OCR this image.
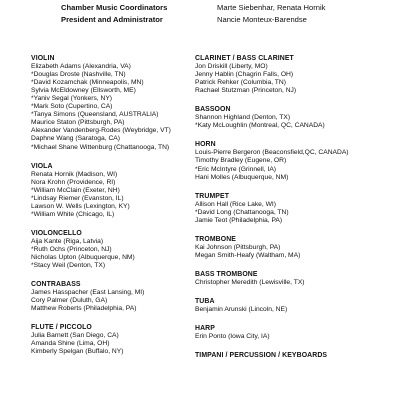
Chamber Music Coordinators	Marte Siebenhar, Renata Hornik
President and Administrator	Nancie Monteux-Barendse
VIOLIN
Elizabeth Adams (Alexandria, VA)
*Douglas Droste (Nashville, TN)
*David Kozamchak (Minneapolis, MN)
Sylvia McEldowney (Ellsworth, ME)
*Yaniv Segal (Yonkers, NY)
*Mark Soto (Cupertino, CA)
*Tanya Simons (Queensland, AUSTRALIA)
Maurice Staton (Pittsburgh, PA)
Alexander Vandenberg-Rodes (Weybridge, VT)
Daphne Wang (Saratoga, CA)
*Michael Shane Wittenburg (Chattanooga, TN)
VIOLA
Renata Hornik (Madison, WI)
Nora Krohn (Providence, RI)
*William McClain (Exeter, NH)
*Lindsay Riemer (Evanston, IL)
Lawson W. Wells (Lexington, KY)
*William White (Chicago, IL)
VIOLONCELLO
Aija Kante (Riga, Latvia)
*Ruth Ochs (Princeton, NJ)
Nicholas Upton (Albuquerque, NM)
*Stacy Weil (Denton, TX)
CONTRABASS
James Hasspacher (East Lansing, MI)
Cory Palmer (Duluth, GA)
Matthew Roberts (Philadelphia, PA)
FLUTE / PICCOLO
Julia Barnett (San Diego, CA)
Amanda Shine (Lima, OH)
Kimberly Spelgan (Buffalo, NY)
CLARINET / BASS CLARINET
Jon Driskill (Liberty, MO)
Jenny Hablin (Chagrin Falls, OH)
Patrick Rehker (Columbia, TN)
Rachael Stutzman (Princeton, NJ)
BASSOON
Shannon Highland (Denton, TX)
*Katy McLoughlin (Montreal, QC, CANADA)
HORN
Louis-Pierre Bergeron (Beaconsfield,QC, CANADA)
Timothy Bradley (Eugene, OR)
*Eric McIntyre (Grinnell, IA)
Hani Molles (Albuquerque, NM)
TRUMPET
Allison Hall (Rice Lake, WI)
*David Long (Chattanooga, TN)
Jamie Teot (Philadelphia, PA)
TROMBONE
Kai Johnson (Pittsburgh, PA)
Megan Smith-Heafy (Waltham, MA)
BASS TROMBONE
Christopher Meredith (Lewisville, TX)
TUBA
Benjamin Arunski (Lincoln, NE)
HARP
Erin Ponto (Iowa City, IA)
TIMPANI / PERCUSSION / KEYBOARDS
